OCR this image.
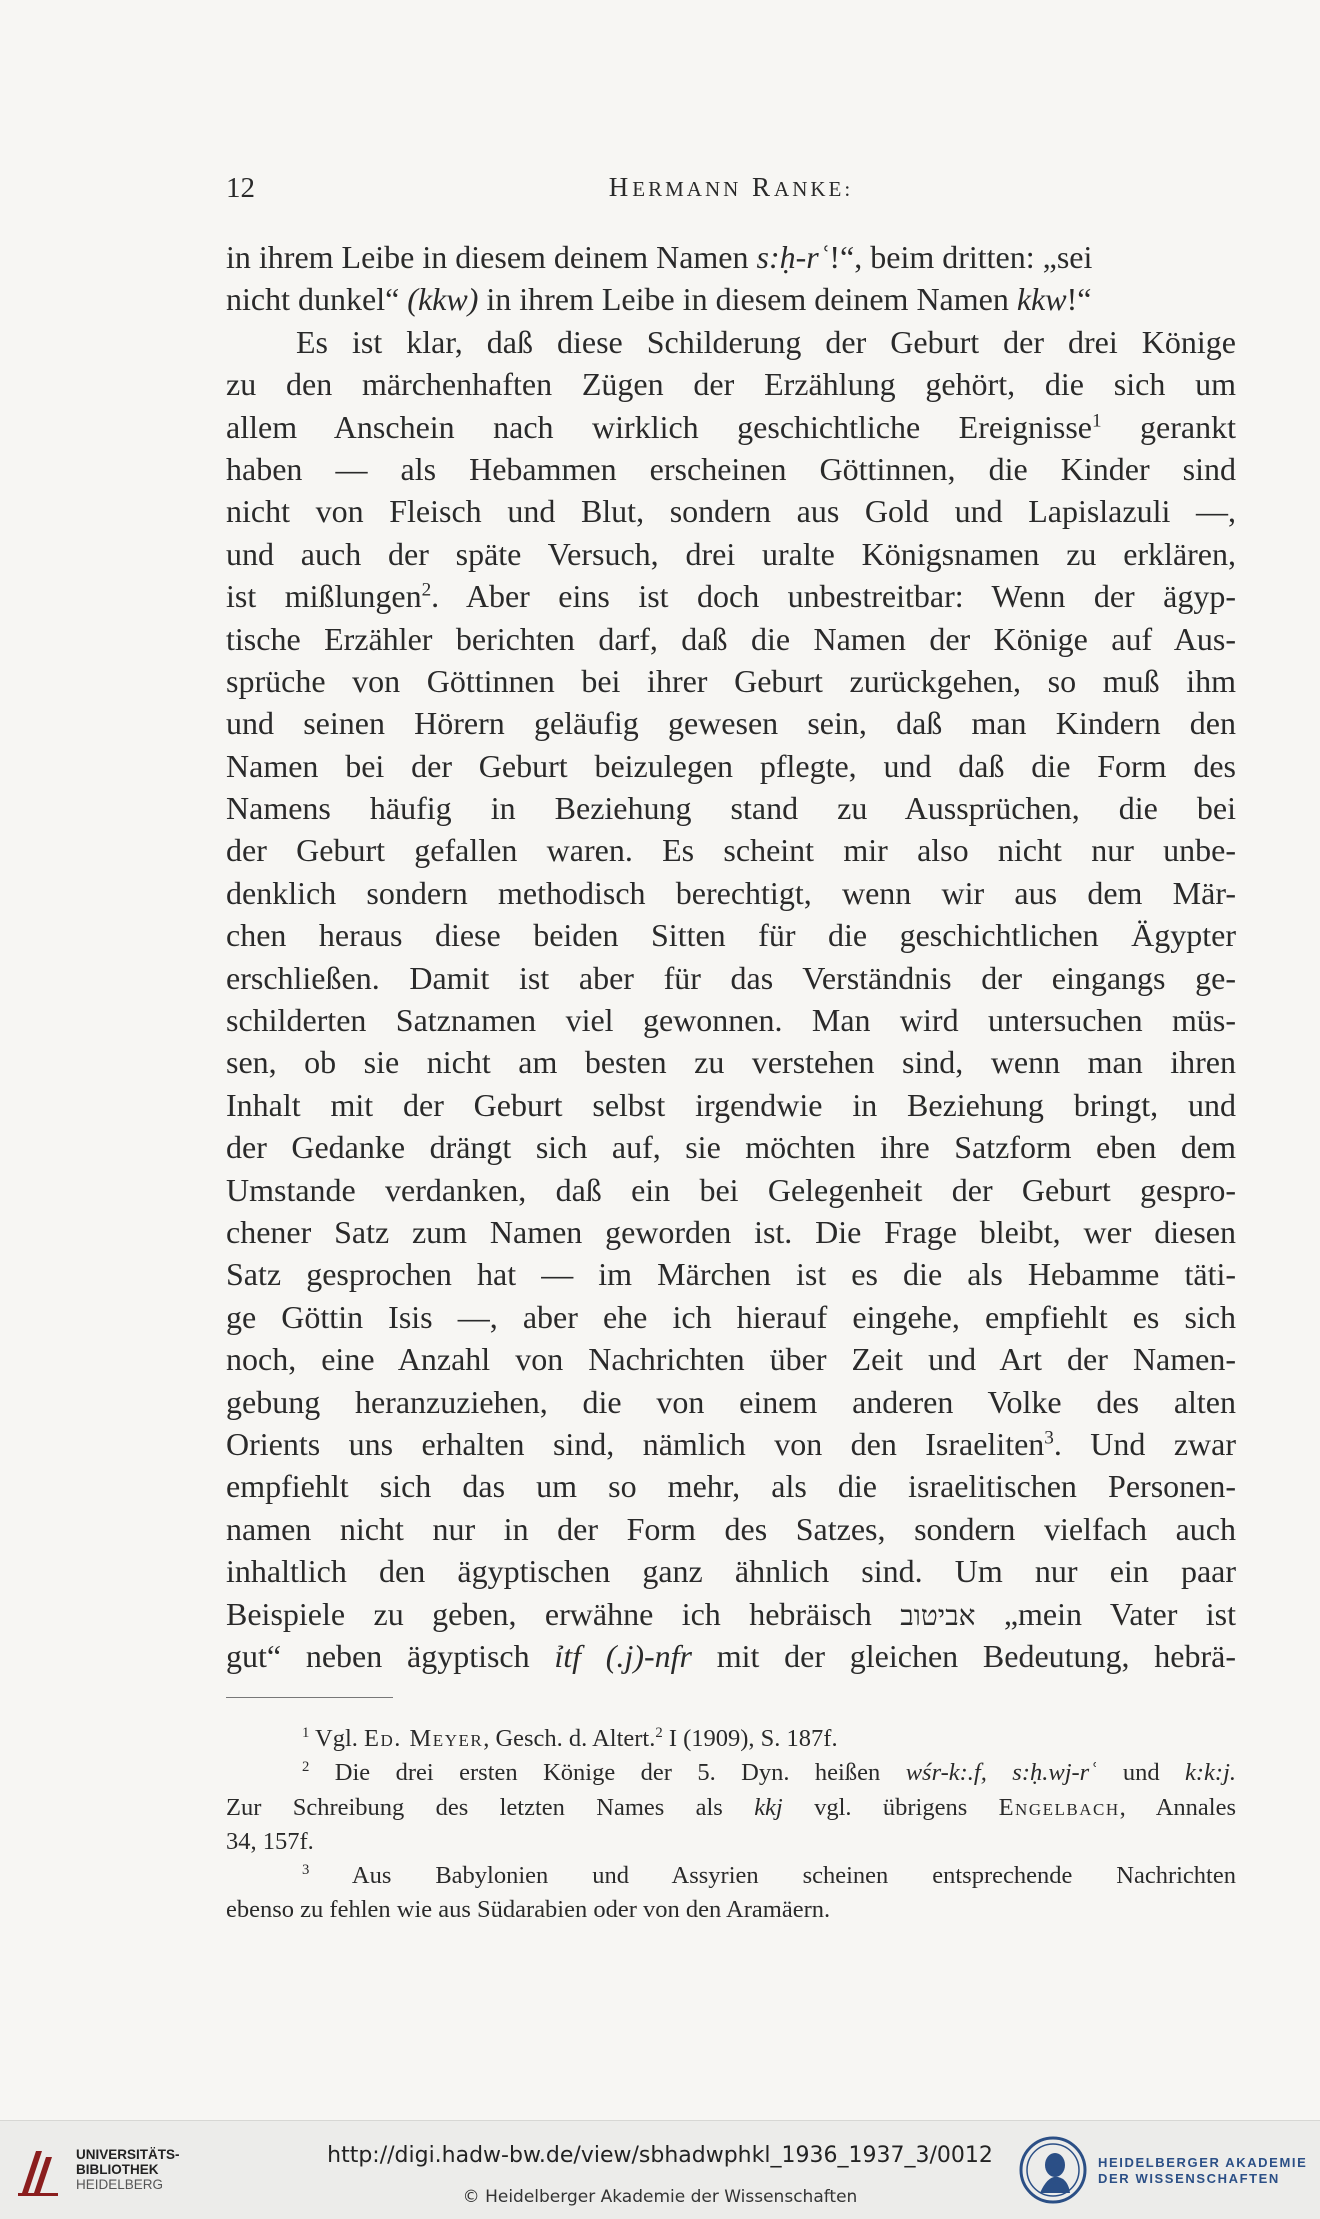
12	HERMANN RANKE:
in ihrem Leibe in diesem deinem Namen s:ḥ-rʿ!“, beim dritten: „sei
nicht dunkel“ (kkw) in ihrem Leibe in diesem deinem Namen kkw!“
Es ist klar, daß diese Schilderung der Geburt der drei Könige
zu den märchenhaften Zügen der Erzählung gehört, die sich um
allem Anschein nach wirklich geschichtliche Ereignisse$^1$ gerankt
haben — als Hebammen erscheinen Göttinnen, die Kinder sind
nicht von Fleisch und Blut, sondern aus Gold und Lapislazuli —,
und auch der späte Versuch, drei uralte Königsnamen zu erklären,
ist mißlungen$^2$. Aber eins ist doch unbestreitbar: Wenn der ägyp-
tische Erzähler berichten darf, daß die Namen der Könige auf Aus-
sprüche von Göttinnen bei ihrer Geburt zurückgehen, so muß ihm
und seinen Hörern geläufig gewesen sein, daß man Kindern den
Namen bei der Geburt beizulegen pflegte, und daß die Form des
Namens häufig in Beziehung stand zu Aussprüchen, die bei
der Geburt gefallen waren. Es scheint mir also nicht nur unbe-
denklich sondern methodisch berechtigt, wenn wir aus dem Mär-
chen heraus diese beiden Sitten für die geschichtlichen Ägypter
erschließen. Damit ist aber für das Verständnis der eingangs ge-
schilderten Satznamen viel gewonnen. Man wird untersuchen müs-
sen, ob sie nicht am besten zu verstehen sind, wenn man ihren
Inhalt mit der Geburt selbst irgendwie in Beziehung bringt, und
der Gedanke drängt sich auf, sie möchten ihre Satzform eben dem
Umstande verdanken, daß ein bei Gelegenheit der Geburt gespro-
chener Satz zum Namen geworden ist. Die Frage bleibt, wer diesen
Satz gesprochen hat — im Märchen ist es die als Hebamme täti-
ge Göttin Isis —, aber ehe ich hierauf eingehe, empfiehlt es sich
noch, eine Anzahl von Nachrichten über Zeit und Art der Namen-
gebung heranzuziehen, die von einem anderen Volke des alten
Orients uns erhalten sind, nämlich von den Israeliten$^3$. Und zwar
empfiehlt sich das um so mehr, als die israelitischen Personen-
namen nicht nur in der Form des Satzes, sondern vielfach auch
inhaltlich den ägyptischen ganz ähnlich sind. Um nur ein paar
Beispiele zu geben, erwähne ich hebräisch אביטוב „mein Vater ist
gut“ neben ägyptisch ỉtf (.j)-nfr mit der gleichen Bedeutung, hebrä-
$^1$ Vgl. Ed. Meyer, Gesch. d. Altert.$^2$ I (1909), S. 187f.
$^2$ Die drei ersten Könige der 5. Dyn. heißen wśr-k:.f, s:ḥ.wj-rʿ und k:k:j.
Zur Schreibung des letzten Names als kkj vgl. übrigens Engelbach, Annales
34, 157f.
$^3$ Aus Babylonien und Assyrien scheinen entsprechende Nachrichten
ebenso zu fehlen wie aus Südarabien oder von den Aramäern.
UNIVERSITÄTS-
BIBLIOTHEK
HEIDELBERG
http://digi.hadw-bw.de/view/sbhadwphkl_1936_1937_3/0012
© Heidelberger Akademie der Wissenschaften
HEIDELBERGER AKADEMIE
DER WISSENSCHAFTEN
